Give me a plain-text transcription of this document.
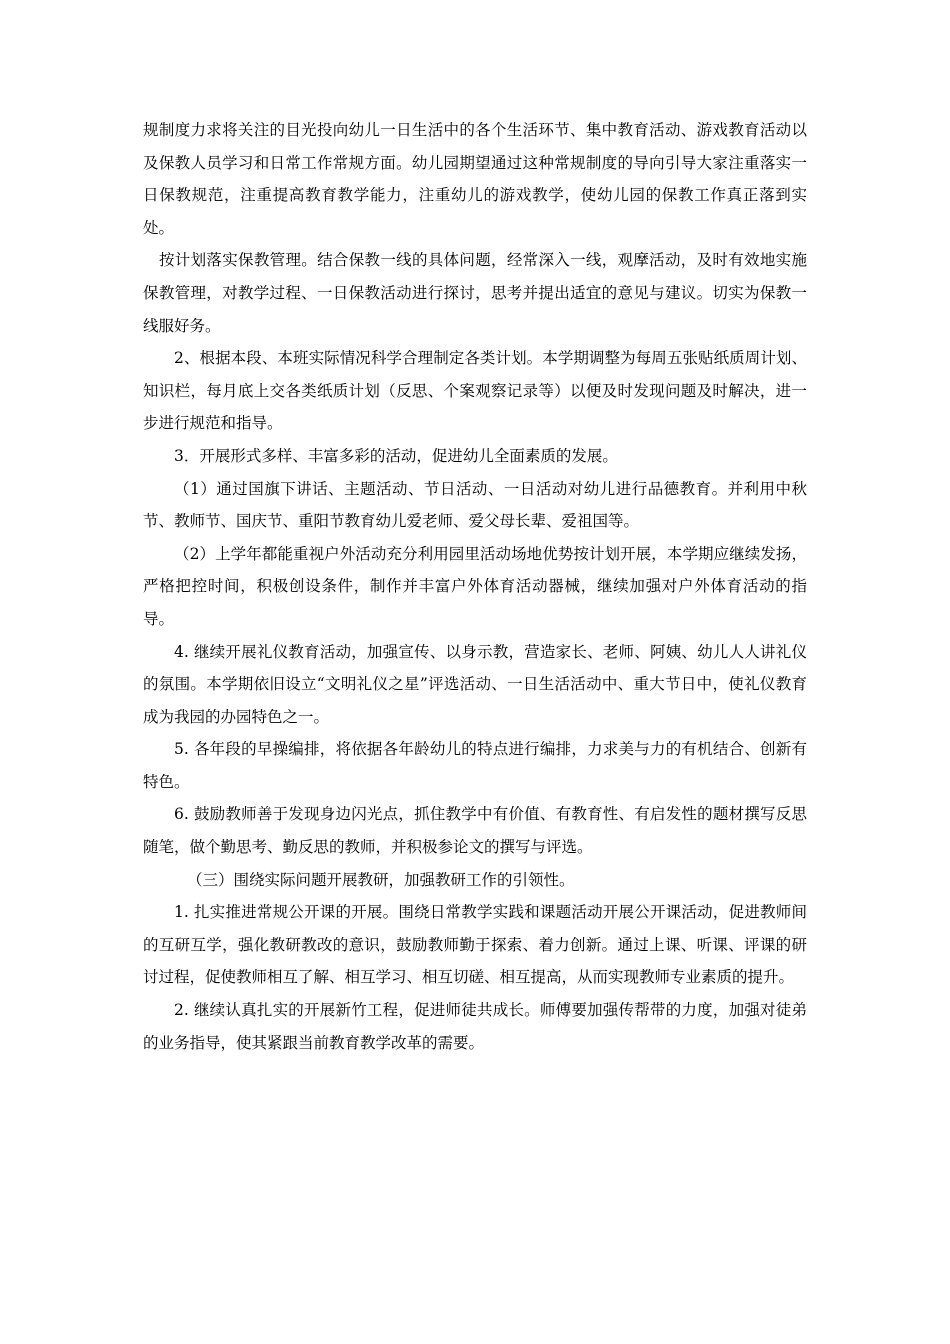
规制度力求将关注的目光投向幼儿一日生活中的各个生活环节、集中教育活动、游戏教育活动以及保教人员学习和日常工作常规方面。幼儿园期望通过这种常规制度的导向引导大家注重落实一日保教规范，注重提高教育教学能力，注重幼儿的游戏教学，使幼儿园的保教工作真正落到实处。

按计划落实保教管理。结合保教一线的具体问题，经常深入一线，观摩活动，及时有效地实施保教管理，对教学过程、一日保教活动进行探讨，思考并提出适宜的意见与建议。切实为保教一线服好务。

2、根据本段、本班实际情况科学合理制定各类计划。本学期调整为每周五张贴纸质周计划、知识栏，每月底上交各类纸质计划（反思、个案观察记录等）以便及时发现问题及时解决，进一步进行规范和指导。

3．开展形式多样、丰富多彩的活动，促进幼儿全面素质的发展。

（1）通过国旗下讲话、主题活动、节日活动、一日活动对幼儿进行品德教育。并利用中秋节、教师节、国庆节、重阳节教育幼儿爱老师、爱父母长辈、爱祖国等。

（2）上学年都能重视户外活动充分利用园里活动场地优势按计划开展，本学期应继续发扬，严格把控时间，积极创设条件，制作并丰富户外体育活动器械，继续加强对户外体育活动的指导。

4. 继续开展礼仪教育活动，加强宣传、以身示教，营造家长、老师、阿姨、幼儿人人讲礼仪的氛围。本学期依旧设立“文明礼仪之星”评选活动、一日生活活动中、重大节日中，使礼仪教育成为我园的办园特色之一。

5. 各年段的早操编排，将依据各年龄幼儿的特点进行编排，力求美与力的有机结合、创新有特色。

6. 鼓励教师善于发现身边闪光点，抓住教学中有价值、有教育性、有启发性的题材撰写反思随笔，做个勤思考、勤反思的教师，并积极参论文的撰写与评选。

（三）围绕实际问题开展教研，加强教研工作的引领性。

1. 扎实推进常规公开课的开展。围绕日常教学实践和课题活动开展公开课活动，促进教师间的互研互学，强化教研教改的意识，鼓励教师勤于探索、着力创新。通过上课、听课、评课的研讨过程，促使教师相互了解、相互学习、相互切磋、相互提高，从而实现教师专业素质的提升。

2. 继续认真扎实的开展新竹工程，促进师徒共成长。师傅要加强传帮带的力度，加强对徒弟的业务指导，使其紧跟当前教育教学改革的需要。
